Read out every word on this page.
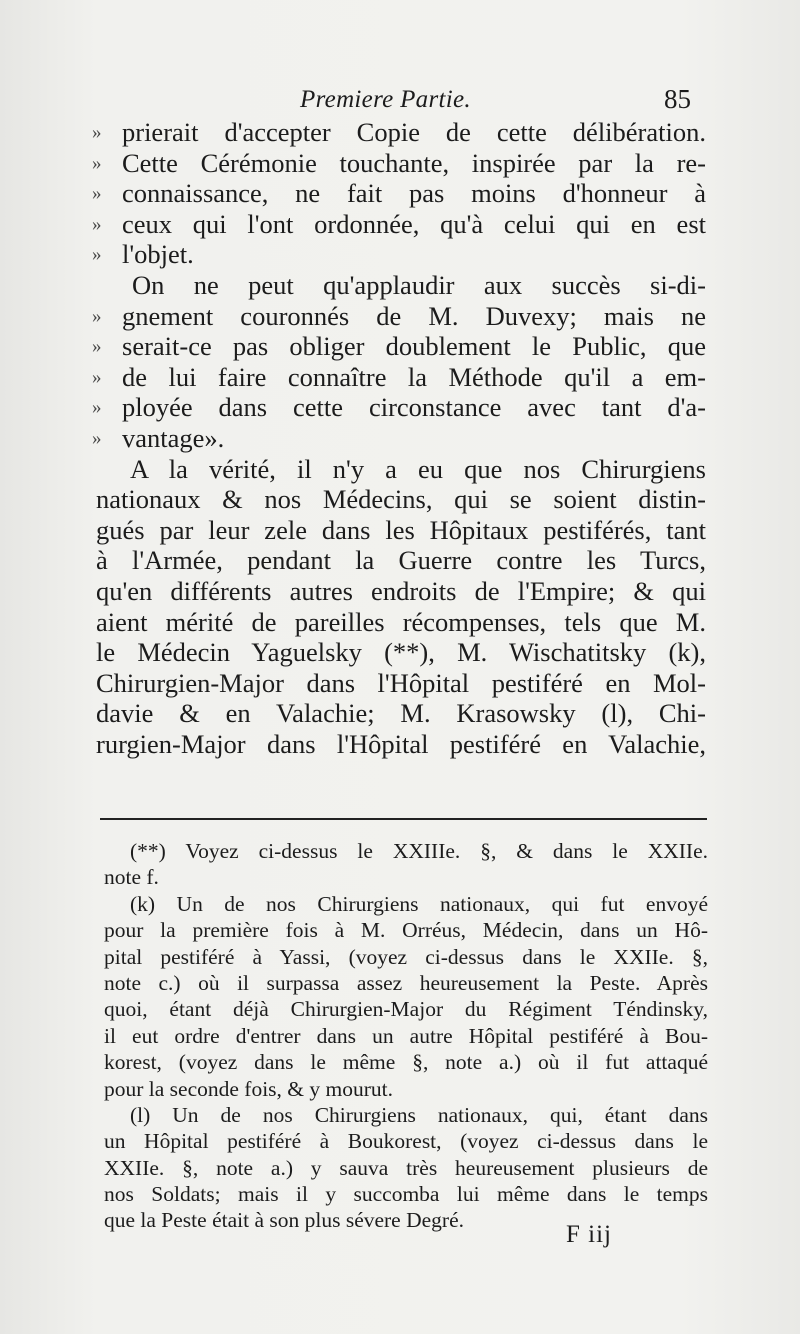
Premiere Partie.	85
» prierait d'accepter Copie de cette délibération.
» Cette Cérémonie touchante, inspirée par la re-
» connaissance, ne fait pas moins d'honneur à
» ceux qui l'ont ordonnée, qu'à celui qui en est
» l'objet.
On ne peut qu'applaudir aux succès si-di-
» gnement couronnés de M. Duvexy; mais ne
» serait-ce pas obliger doublement le Public, que
» de lui faire connaître la Méthode qu'il a em-
» ployée dans cette circonstance avec tant d'a-
» vantage».
A la vérité, il n'y a eu que nos Chirurgiens
nationaux & nos Médecins, qui se soient distin-
gués par leur zele dans les Hôpitaux pestiférés, tant
à l'Armée, pendant la Guerre contre les Turcs,
qu'en différents autres endroits de l'Empire; & qui
aient mérité de pareilles récompenses, tels que M.
le Médecin Yaguelsky (**), M. Wischatitsky (k),
Chirurgien-Major dans l'Hôpital pestiféré en Mol-
davie & en Valachie; M. Krasowsky (l), Chi-
rurgien-Major dans l'Hôpital pestiféré en Valachie,
(**) Voyez ci-dessus le XXIIIe. §, & dans le XXIIe.
note f.
(k) Un de nos Chirurgiens nationaux, qui fut envoyé
pour la première fois à M. Orréus, Médecin, dans un Hô-
pital pestiféré à Yassi, (voyez ci-dessus dans le XXIIe. §,
note c.) où il surpassa assez heureusement la Peste. Après
quoi, étant déjà Chirurgien-Major du Régiment Téndinsky,
il eut ordre d'entrer dans un autre Hôpital pestiféré à Bou-
korest, (voyez dans le même §, note a.) où il fut attaqué
pour la seconde fois, & y mourut.
(l) Un de nos Chirurgiens nationaux, qui, étant dans
un Hôpital pestiféré à Boukorest, (voyez ci-dessus dans le
XXIIe. §, note a.) y sauva très heureusement plusieurs de
nos Soldats; mais il y succomba lui même dans le temps
que la Peste était à son plus sévere Degré.
F iij
